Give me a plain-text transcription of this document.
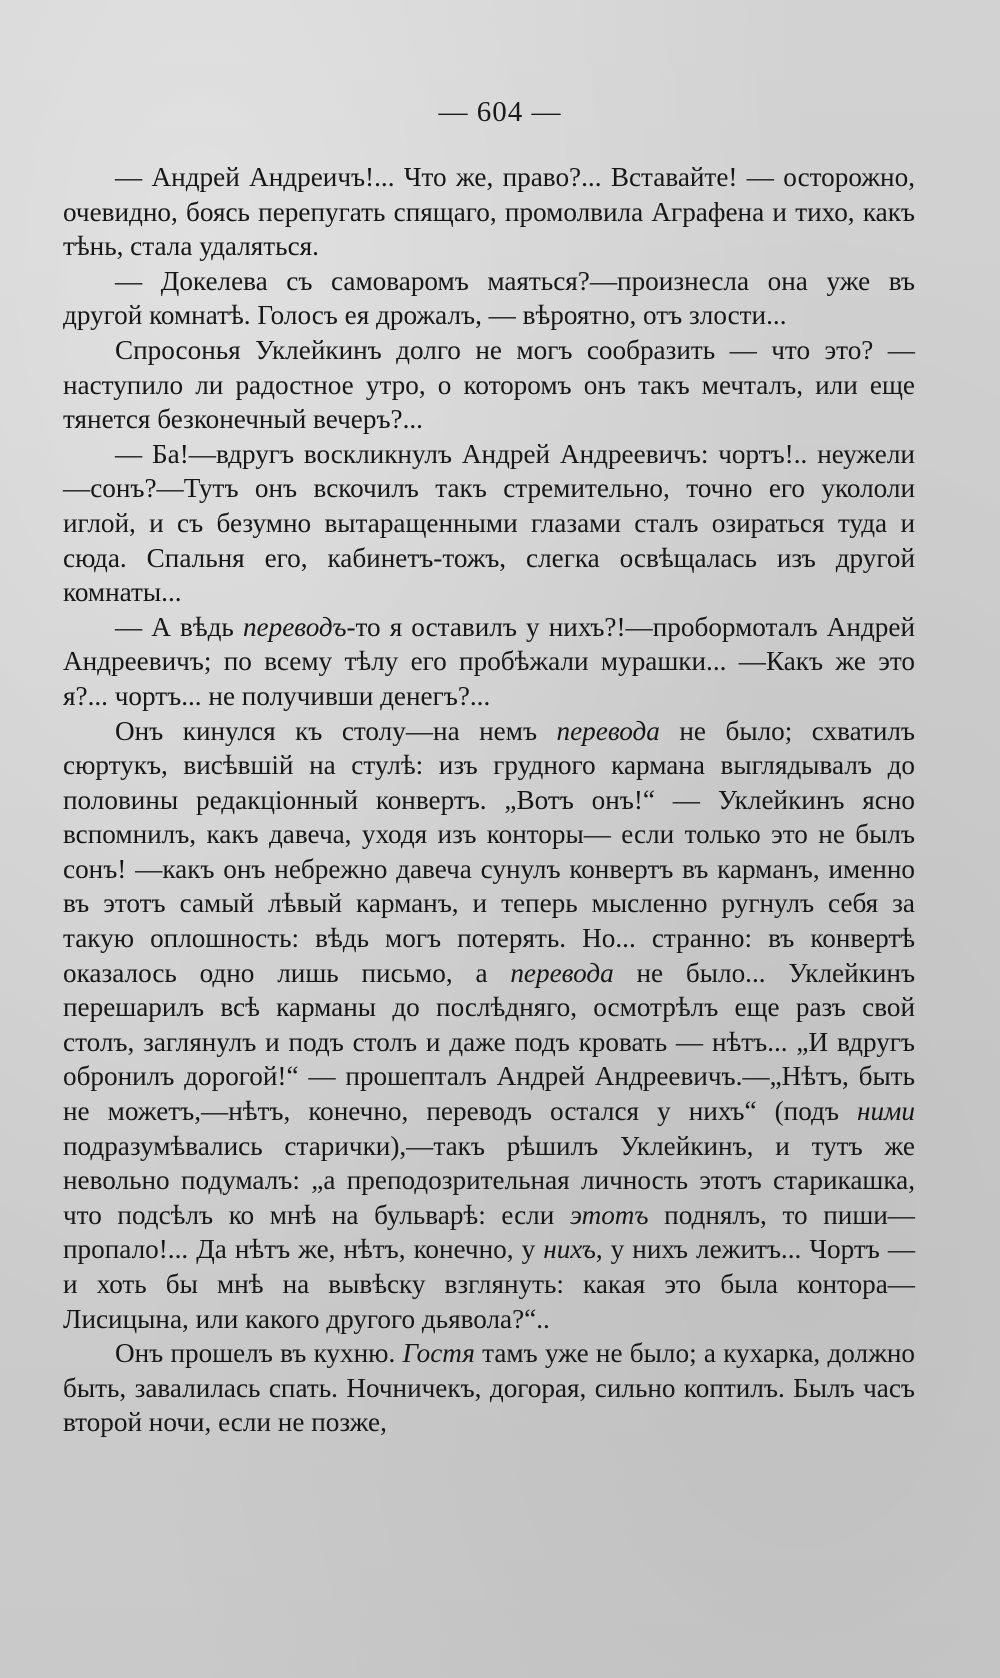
— 604 —

— Андрей Андреичъ!... Что же, право?... Вставайте! — осторожно, очевидно, боясь перепугать спящаго, промолвила Аграфена и тихо, какъ тѣнь, стала удаляться.

— Докелева съ самоваромъ маяться?—произнесла она уже въ другой комнатѣ. Голосъ ея дрожалъ, — вѣроятно, отъ злости...

Спросонья Уклейкинъ долго не могъ сообразить — что это? — наступило ли радостное утро, о которомъ онъ такъ мечталъ, или еще тянется безконечный вечеръ?...

— Ба!—вдругъ воскликнулъ Андрей Андреевичъ: чортъ!.. неужели—сонъ?—Тутъ онъ вскочилъ такъ стремительно, точно его укололи иглой, и съ безумно вытаращенными глазами сталъ озираться туда и сюда. Спальня его, кабинетъ-тожъ, слегка освѣщалась изъ другой комнаты...

— А вѣдь переводъ-то я оставилъ у нихъ?!—пробормоталъ Андрей Андреевичъ; по всему тѣлу его пробѣжали мурашки... —Какъ же это я?... чортъ... не получивши денегъ?...

Онъ кинулся къ столу—на немъ перевода не было; схватилъ сюртукъ, висѣвшій на стулѣ: изъ грудного кармана выглядывалъ до половины редакціонный конвертъ. „Вотъ онъ!“ — Уклейкинъ ясно вспомнилъ, какъ давеча, уходя изъ конторы— если только это не былъ сонъ! —какъ онъ небрежно давеча сунулъ конвертъ въ карманъ, именно въ этотъ самый лѣвый карманъ, и теперь мысленно ругнулъ себя за такую оплошность: вѣдь могъ потерять. Но... странно: въ конвертѣ оказалось одно лишь письмо, а перевода не было... Уклейкинъ перешарилъ всѣ карманы до послѣдняго, осмотрѣлъ еще разъ свой столъ, заглянулъ и подъ столъ и даже подъ кровать — нѣтъ... „И вдругъ обронилъ дорогой!“ — прошепталъ Андрей Андреевичъ.—„Нѣтъ, быть не можетъ,—нѣтъ, конечно, переводъ остался у нихъ“ (подъ ними подразумѣвались старички),—такъ рѣшилъ Уклейкинъ, и тутъ же невольно подумалъ: „а преподозрительная личность этотъ старикашка, что подсѣлъ ко мнѣ на бульварѣ: если этотъ поднялъ, то пиши— пропало!... Да нѣтъ же, нѣтъ, конечно, у нихъ, у нихъ лежитъ... Чортъ — и хоть бы мнѣ на вывѣску взглянуть: какая это была контора—Лисицына, или какого другого дьявола?“..

Онъ прошелъ въ кухню. Гостя тамъ уже не было; а кухарка, должно быть, завалилась спать. Ночничекъ, догорая, сильно коптилъ. Былъ часъ второй ночи, если не позже,
